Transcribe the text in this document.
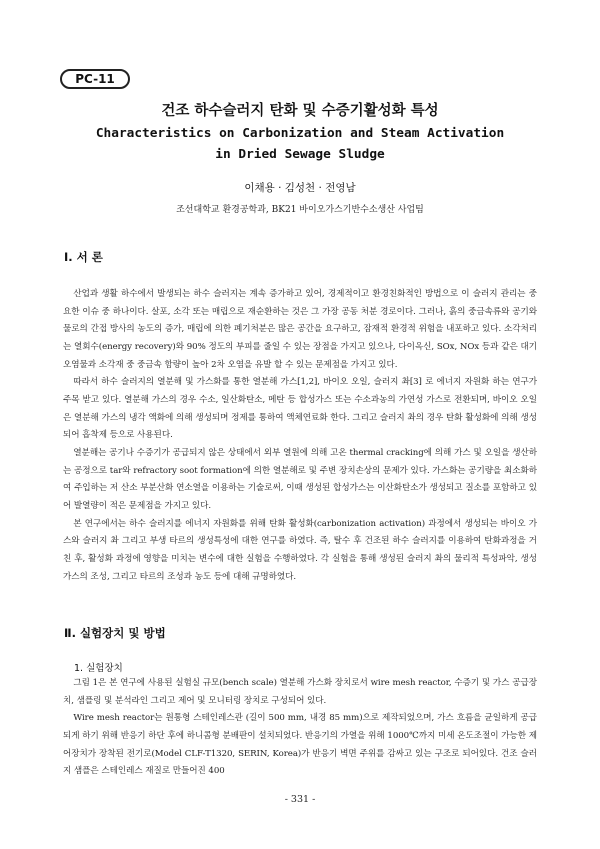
PC-11
건조 하수슬러지 탄화 및 수증기활성화 특성
Characteristics on Carbonization and Steam Activation
in Dried Sewage Sludge
이채용 · 김성천 · 전영남
조선대학교 환경공학과, BK21 바이오가스기반수소생산 사업팀
Ⅰ. 서 론

산업과 생활 하수에서 발생되는 하수 슬러지는 계속 증가하고 있어, 경제적이고 환경친화적인 방법으로 이 슬러지 관리는 중요한 이슈 중 하나이다. 살포, 소각 또는 매립으로 재순환하는 것은 그 가장 공동 처분 경로이다. 그러나, 흙의 중금속류와 공기와 물로의 간접 방사의 농도의 증가, 매립에 의한 폐기처분은 많은 공간을 요구하고, 잠재적 환경적 위험을 내포하고 있다. 소각처리는 열회수(energy recovery)와 90% 정도의 부피를 줄일 수 있는 장점을 가지고 있으나, 다이옥신, SOx, NOx 등과 같은 대기오염물과 소각재 중 중금속 함량이 높아 2차 오염을 유발 할 수 있는 문제점을 가지고 있다.

따라서 하수 슬러지의 열분해 및 가스화를 통한 열분해 가스[1,2], 바이오 오일, 슬러지 촤[3] 로 에너지 자원화 하는 연구가 주목 받고 있다. 열분해 가스의 경우 수소, 일산화탄소, 메탄 등 합성가스 또는 수소과농의 가연성 가스로 전환되며, 바이오 오일은 열분해 가스의 냉각 액화에 의해 생성되며 정제를 통하여 액체연료화 한다. 그리고 슬러지 촤의 경우 탄화 활성화에 의해 생성되어 흡착제 등으로 사용된다.

열분해는 공기나 수증기가 공급되지 않은 상태에서 외부 열원에 의해 고온 thermal cracking에 의해 가스 및 오일을 생산하는 공정으로 tar와 refractory soot formation에 의한 열분해로 및 주변 장치손상의 문제가 있다. 가스화는 공기량을 최소화하여 주입하는 저 산소 부분산화 연소열을 이용하는 기술로써, 이때 생성된 합성가스는 이산화탄소가 생성되고 질소를 포함하고 있어 발열량이 적은 문제점을 가지고 있다.

본 연구에서는 하수 슬러지를 에너지 자원화를 위해 탄화 활성화(carbonization activation) 과정에서 생성되는 바이오 가스와 슬러지 촤 그리고 부생 타르의 생성특성에 대한 연구를 하였다. 즉, 탈수 후 건조된 하수 슬러지를 이용하여 탄화과정을 거친 후, 활성화 과정에 영향을 미치는 변수에 대한 실험을 수행하였다. 각 실험을 통해 생성된 슬러지 촤의 물리적 특성파악, 생성가스의 조성, 그리고 타르의 조성과 농도 등에 대해 규명하였다.

Ⅱ. 실험장치 및 방법
1. 실험장치

그림 1은 본 연구에 사용된 실험실 규모(bench scale) 열분해 가스화 장치로서 wire mesh reactor, 수증기 및 가스 공급장치, 샘플링 및 분석라인 그리고 제어 및 모니터링 장치로 구성되어 있다.

Wire mesh reactor는 원통형 스테인레스관 (길이 500 mm, 내경 85 mm)으로 제작되었으며, 가스 흐름을 균일하게 공급되게 하기 위해 반응기 하단 후에 하니콤형 분배판이 설치되었다. 반응기의 가열을 위해 1000℃까지 미세 온도조절이 가능한 제어장치가 장착된 전기로(Model CLF-T1320, SERIN, Korea)가 반응기 벽면 주위를 감싸고 있는 구조로 되어있다. 건조 슬러지 샘플은 스테인레스 재질로 만들어진 400

- 331 -
